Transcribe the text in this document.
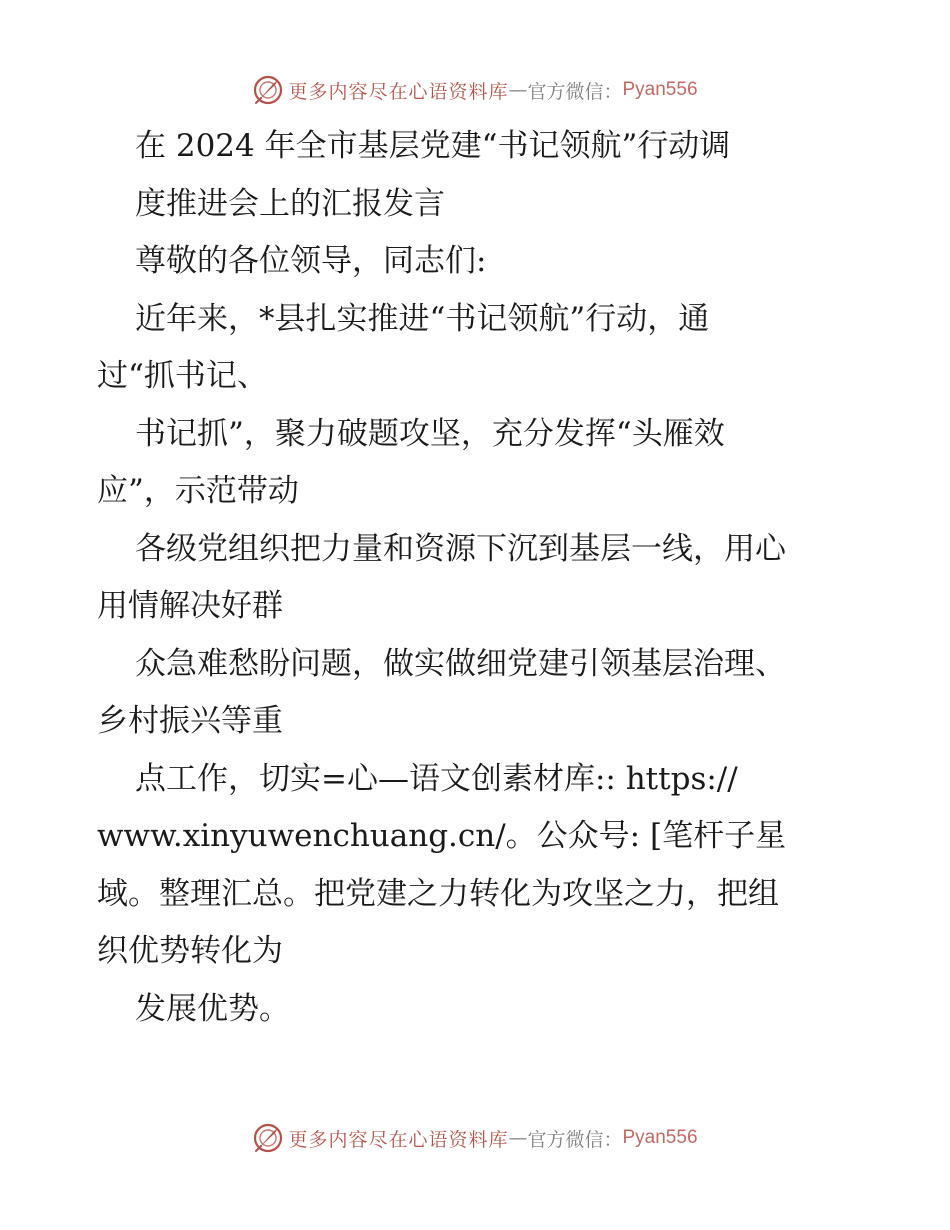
更多内容尽在心语资料库 — 官方微信： Pyan556
在 2024 年全市基层党建“书记领航”行动调
度推进会上的汇报发言
尊敬的各位领导，同志们:
近年来，*县扎实推进“书记领航”行动，通
过“抓书记、
书记抓”，聚力破题攻坚，充分发挥“头雁效
应”，示范带动
各级党组织把力量和资源下沉到基层一线，用心
用情解决好群
众急难愁盼问题，做实做细党建引领基层治理、
乡村振兴等重
点工作，切实=心—语文创素材库:: https://
www.xinyuwenchuang.cn/。公众号: [笔杆子星
域。整理汇总。把党建之力转化为攻坚之力，把组
织优势转化为
发展优势。
更多内容尽在心语资料库 — 官方微信： Pyan556
